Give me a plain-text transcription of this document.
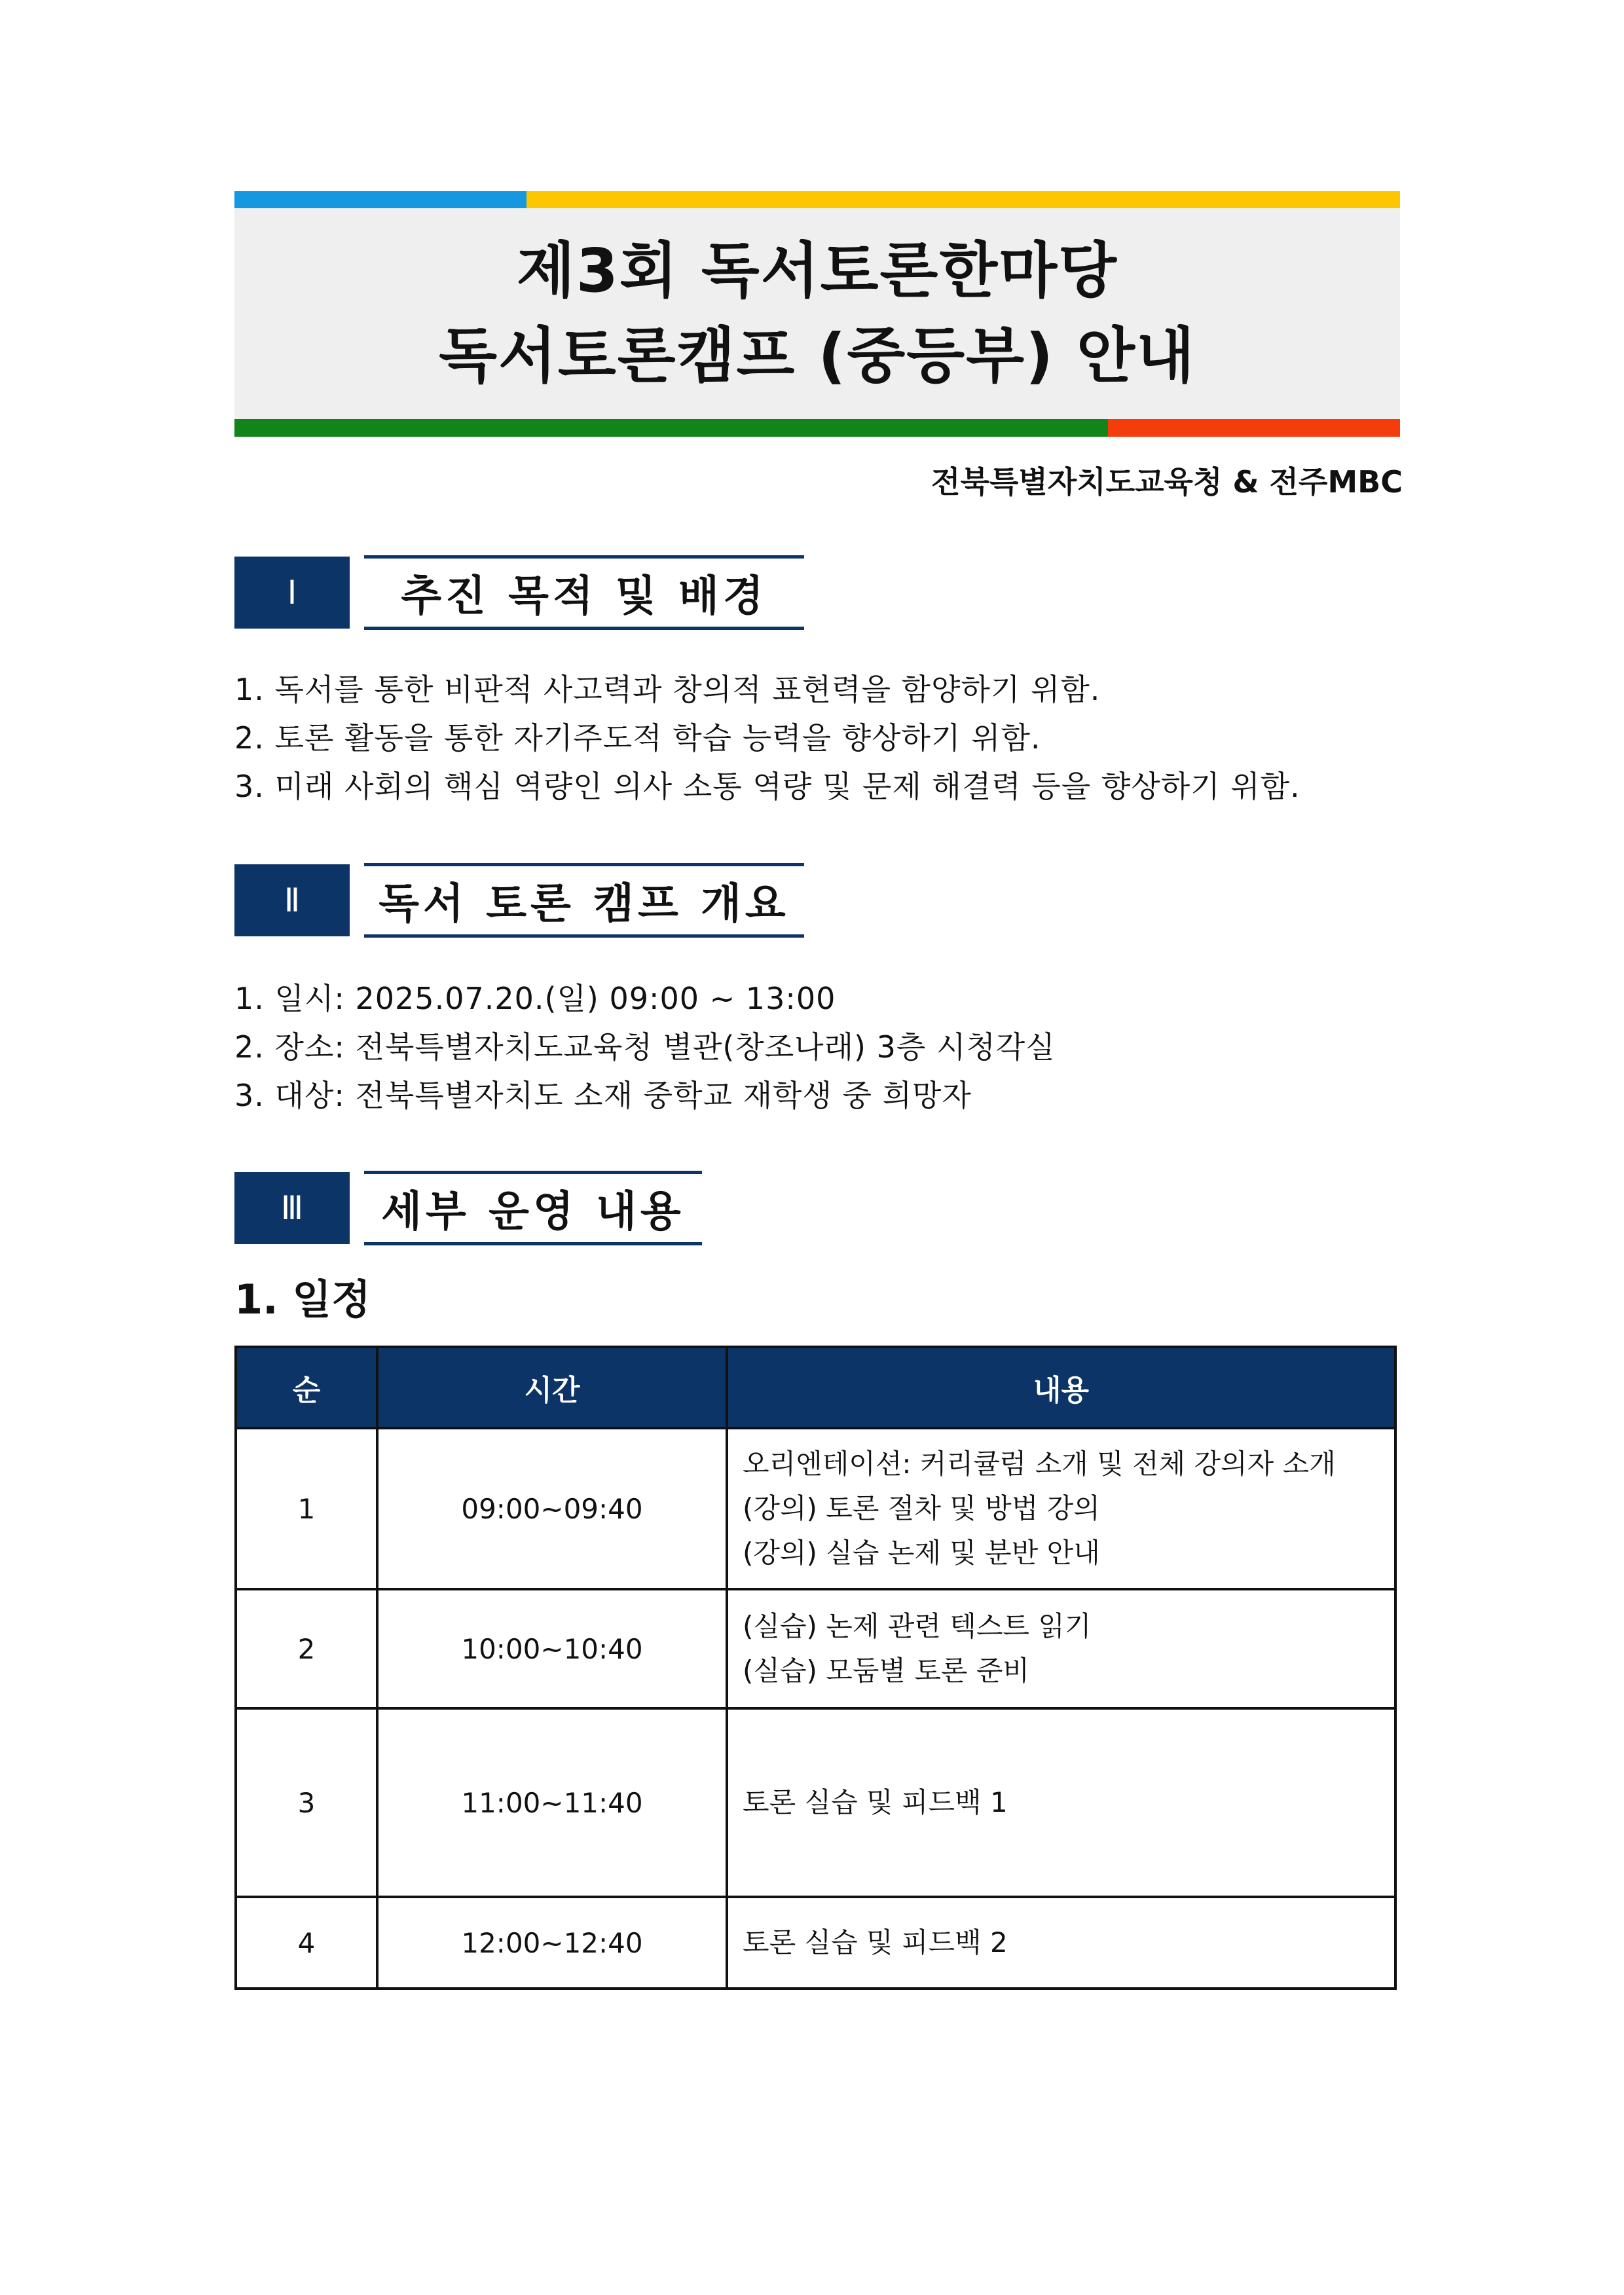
제3회 독서토론한마당
독서토론캠프 (중등부) 안내
전북특별자치도교육청 & 전주MBC
Ⅰ	추진 목적 및 배경
1. 독서를 통한 비판적 사고력과 창의적 표현력을 함양하기 위함.
2. 토론 활동을 통한 자기주도적 학습 능력을 향상하기 위함.
3. 미래 사회의 핵심 역량인 의사 소통 역량 및 문제 해결력 등을 향상하기 위함.
Ⅱ	독서 토론 캠프 개요
1. 일시: 2025.07.20.(일) 09:00 ~ 13:00
2. 장소: 전북특별자치도교육청 별관(창조나래) 3층 시청각실
3. 대상: 전북특별자치도 소재 중학교 재학생 중 희망자
Ⅲ	세부 운영 내용
1. 일정
순	시간	내용
1	09:00~09:40	오리엔테이션: 커리큘럼 소개 및 전체 강의자 소개
(강의) 토론 절차 및 방법 강의
(강의) 실습 논제 및 분반 안내

2	10:00~10:40	(실습) 논제 관련 텍스트 읽기
(실습) 모둠별 토론 준비

3	11:00~11:40	토론 실습 및 피드백 1

4	12:00~12:40	토론 실습 및 피드백 2
